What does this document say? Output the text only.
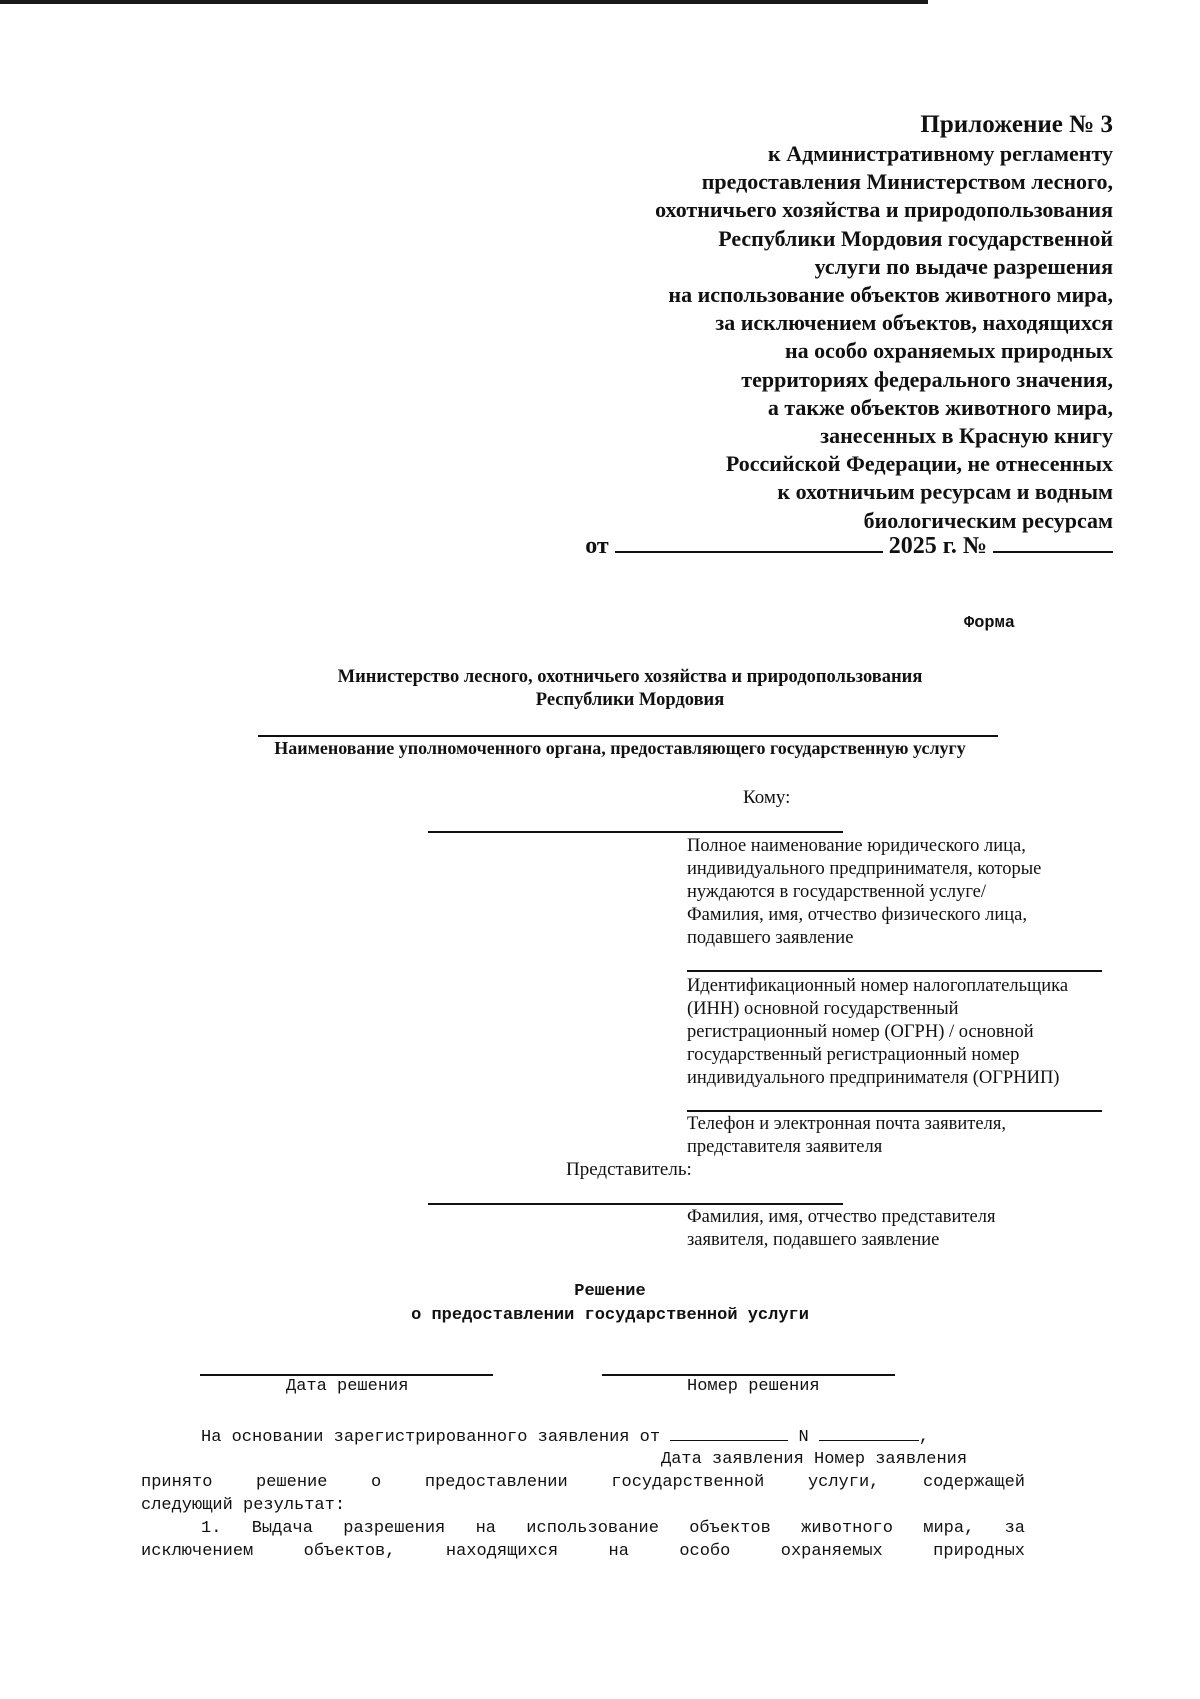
Приложение № 3
к Административному регламенту
предоставления Министерством лесного,
охотничьего хозяйства и природопользования
Республики Мордовия государственной
услуги по выдаче разрешения
на использование объектов животного мира,
за исключением объектов, находящихся
на особо охраняемых природных
территориях федерального значения,
а также объектов животного мира,
занесенных в Красную книгу
Российской Федерации, не отнесенных
к охотничьим ресурсам и водным
биологическим ресурсам
от	2025 г. №
Форма
Министерство лесного, охотничьего хозяйства и природопользования
Республики Мордовия
Наименование уполномоченного органа, предоставляющего государственную услугу
Кому:
Полное наименование юридического лица,
индивидуального предпринимателя, которые
нуждаются в государственной услуге/
Фамилия, имя, отчество физического лица,
подавшего заявление
Идентификационный номер налогоплательщика
(ИНН) основной государственный
регистрационный номер (ОГРН) / основной
государственный регистрационный номер
индивидуального предпринимателя (ОГРНИП)
Телефон и электронная почта заявителя,
представителя заявителя
Представитель:
Фамилия, имя, отчество представителя
заявителя, подавшего заявление
Решение
о предоставлении государственной услуги
Дата решения	Номер решения
На основании зарегистрированного заявления от	N	,
Дата заявления Номер заявления
принято решение о предоставлении государственной услуги, содержащей
следующий результат:
1. Выдача разрешения на использование объектов животного мира, за
исключением объектов, находящихся на особо охраняемых природных
